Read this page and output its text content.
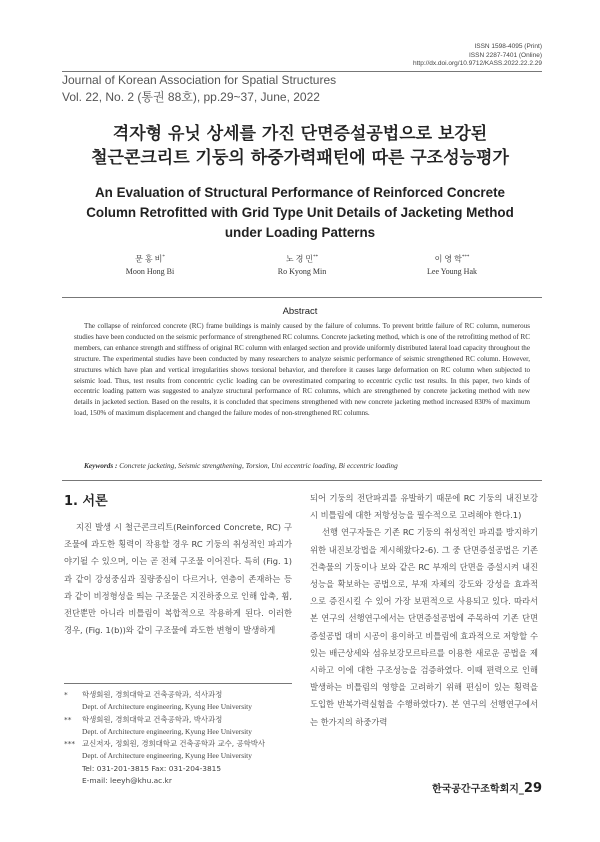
ISSN 1598-4095 (Print)
ISSN 2287-7401 (Online)
http://dx.doi.org/10.9712/KASS.2022.22.2.29
Journal of Korean Association for Spatial Structures
Vol. 22, No. 2 (통권 88호), pp.29~37, June, 2022
격자형 유닛 상세를 가진 단면증설공법으로 보강된
철근콘크리트 기둥의 하중가력패턴에 따른 구조성능평가
An Evaluation of Structural Performance of Reinforced Concrete
Column Retrofitted with Grid Type Unit Details of Jacketing Method
under Loading Patterns
문 홍 비*
Moon Hong Bi
노 경 민**
Ro Kyong Min
이 영 학***
Lee Young Hak
Abstract
The collapse of reinforced concrete (RC) frame buildings is mainly caused by the failure of columns. To prevent brittle failure of RC column, numerous studies have been conducted on the seismic performance of strengthened RC columns. Concrete jacketing method, which is one of the retrofitting method of RC members, can enhance strength and stiffness of original RC column with enlarged section and provide uniformly distributed lateral load capacity throughout the structure. The experimental studies have been conducted by many researchers to analyze seismic performance of seismic strengthened RC column. However, structures which have plan and vertical irregularities shows torsional behavior, and therefore it causes large deformation on RC column when subjected to seismic load. Thus, test results from concentric cyclic loading can be overestimated comparing to eccentric cyclic test results. In this paper, two kinds of eccentric loading pattern was suggested to analyze structural performance of RC columns, which are strengthened by concrete jacketing method with new details in jacketed section. Based on the results, it is concluded that specimens strengthened with new concrete jacketing method increased 830% of maximum load, 150% of maximum displacement and changed the failure modes of non-strengthened RC columns.
Keywords : Concrete jacketing, Seismic strengthening, Torsion, Uni eccentric loading, Bi eccentric loading
1. 서론

지진 발생 시 철근콘크리트(Reinforced Concrete, RC) 구조물에 과도한 횡력이 작용할 경우 RC 기둥의 취성적인 파괴가 야기될 수 있으며, 이는 곧 전체 구조물 이어진다. 특히 (Fig. 1)과 같이 강성중심과 질량중심이 다르거나, 연층이 존재하는 등과 같이 비정형성을 띄는 구조물은 지진하중으로 인해 압축, 휨, 전단뿐만 아니라 비틀림이 복합적으로 작용하게 된다. 이러한 경우, (Fig. 1(b))와 같이 구조물에 과도한 변형이 발생하게

되어 기둥의 전단파괴를 유발하기 때문에 RC 기둥의 내진보강 시 비틀림에 대한 저항성능을 필수적으로 고려해야 한다.1)

선행 연구자들은 기존 RC 기둥의 취성적인 파괴를 방지하기 위한 내진보강법을 제시해왔다2-6). 그 중 단면증설공법은 기존 건축물의 기둥이나 보와 같은 RC 부재의 단면을 증설시켜 내진성능을 확보하는 공법으로, 부재 자체의 강도와 강성을 효과적으로 증진시킬 수 있어 가장 보편적으로 사용되고 있다. 따라서 본 연구의 선행연구에서는 단면증설공법에 주목하여 기존 단면증설공법 대비 시공이 용이하고 비틀림에 효과적으로 저항할 수 있는 배근상세와 섬유보강모르타르를 이용한 새로운 공법을 제시하고 이에 대한 구조성능을 검증하였다. 이때 편력으로 인해 발생하는 비틀림의 영향을 고려하기 위해 편심이 있는 횡력을 도입한 반복가력실험을 수행하였다7). 본 연구의 선행연구에서는 한가지의 하중가력

*	학생회원, 경희대학교 건축공학과, 석사과정
Dept. of Architecture engineering, Kyung Hee University
**	학생회원, 경희대학교 건축공학과, 박사과정
Dept. of Architecture engineering, Kyung Hee University
*** 교신저자, 정회원, 경희대학교 건축공학과 교수, 공학박사
Dept. of Architecture engineering, Kyung Hee University
Tel: 031-201-3815 Fax: 031-204-3815
E-mail: leeyh@khu.ac.kr
한국공간구조학회지_29
